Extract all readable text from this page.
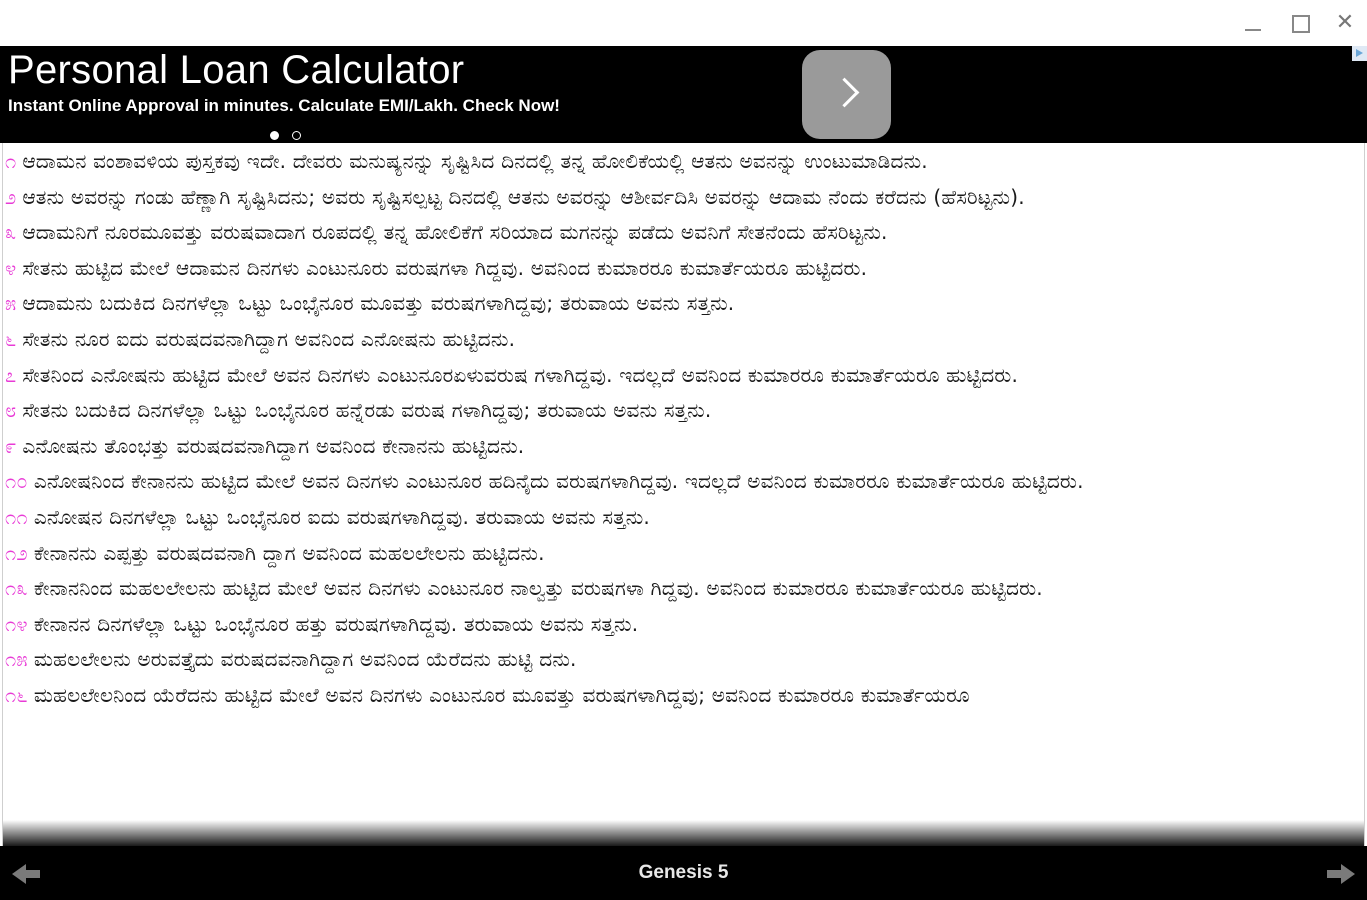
✕
Personal Loan Calculator
Instant Online Approval in minutes. Calculate EMI/Lakh. Check Now!

೧ ಆದಾಮನ ವಂಶಾವಳಿಯ ಪುಸ್ತಕವು ಇದೇ. ದೇವರು ಮನುಷ್ಯನನ್ನು ಸೃಷ್ಟಿಸಿದ ದಿನದಲ್ಲಿ ತನ್ನ ಹೋಲಿಕೆಯಲ್ಲಿ ಆತನು ಅವನನ್ನು ಉಂಟುಮಾಡಿದನು.
೨ ಆತನು ಅವರನ್ನು ಗಂಡು ಹೆಣ್ಣಾಗಿ ಸೃಷ್ಟಿಸಿದನು; ಅವರು ಸೃಷ್ಟಿಸಲ್ಪಟ್ಟ ದಿನದಲ್ಲಿ ಆತನು ಅವರನ್ನು ಆಶೀರ್ವದಿಸಿ ಅವರನ್ನು ಆದಾಮ ನೆಂದು ಕರೆದನು (ಹೆಸರಿಟ್ಟನು).
೩ ಆದಾಮನಿಗೆ ನೂರಮೂವತ್ತು ವರುಷವಾದಾಗ ರೂಪದಲ್ಲಿ ತನ್ನ ಹೋಲಿಕೆಗೆ ಸರಿಯಾದ ಮಗನನ್ನು ಪಡೆದು ಅವನಿಗೆ ಸೇತನೆಂದು ಹೆಸರಿಟ್ಟನು.
೪ ಸೇತನು ಹುಟ್ಟಿದ ಮೇಲೆ ಆದಾಮನ ದಿನಗಳು ಎಂಟುನೂರು ವರುಷಗಳಾ ಗಿದ್ದವು. ಅವನಿಂದ ಕುಮಾರರೂ ಕುಮಾರ್ತೆಯರೂ ಹುಟ್ಟಿದರು.
೫ ಆದಾಮನು ಬದುಕಿದ ದಿನಗಳೆಲ್ಲಾ ಒಟ್ಟು ಒಂಭೈನೂರ ಮೂವತ್ತು ವರುಷಗಳಾಗಿದ್ದವು; ತರುವಾಯ ಅವನು ಸತ್ತನು.
೬ ಸೇತನು ನೂರ ಐದು ವರುಷದವನಾಗಿದ್ದಾಗ ಅವನಿಂದ ಎನೋಷನು ಹುಟ್ಟಿದನು.
೭ ಸೇತನಿಂದ ಎನೋಷನು ಹುಟ್ಟಿದ ಮೇಲೆ ಅವನ ದಿನಗಳು ಎಂಟುನೂರಏಳುವರುಷ ಗಳಾಗಿದ್ದವು. ಇದಲ್ಲದೆ ಅವನಿಂದ ಕುಮಾರರೂ ಕುಮಾರ್ತೆಯರೂ ಹುಟ್ಟಿದರು.
೮ ಸೇತನು ಬದುಕಿದ ದಿನಗಳೆಲ್ಲಾ ಒಟ್ಟು ಒಂಭೈನೂರ ಹನ್ನೆರಡು ವರುಷ ಗಳಾಗಿದ್ದವು; ತರುವಾಯ ಅವನು ಸತ್ತನು.
೯ ಎನೋಷನು ತೊಂಭತ್ತು ವರುಷದವನಾಗಿದ್ದಾಗ ಅವನಿಂದ ಕೇನಾನನು ಹುಟ್ಟಿದನು.
೧೦ ಎನೋಷನಿಂದ ಕೇನಾನನು ಹುಟ್ಟಿದ ಮೇಲೆ ಅವನ ದಿನಗಳು ಎಂಟುನೂರ ಹದಿನೈದು ವರುಷಗಳಾಗಿದ್ದವು. ಇದಲ್ಲದೆ ಅವನಿಂದ ಕುಮಾರರೂ ಕುಮಾರ್ತೆಯರೂ ಹುಟ್ಟಿದರು.
೧೧ ಎನೋಷನ ದಿನಗಳೆಲ್ಲಾ ಒಟ್ಟು ಒಂಭೈನೂರ ಐದು ವರುಷಗಳಾಗಿದ್ದವು. ತರುವಾಯ ಅವನು ಸತ್ತನು.
೧೨ ಕೇನಾನನು ಎಪ್ಪತ್ತು ವರುಷದವನಾಗಿ ದ್ದಾಗ ಅವನಿಂದ ಮಹಲಲೇಲನು ಹುಟ್ಟಿದನು.
೧೩ ಕೇನಾನನಿಂದ ಮಹಲಲೇಲನು ಹುಟ್ಟಿದ ಮೇಲೆ ಅವನ ದಿನಗಳು ಎಂಟುನೂರ ನಾಲ್ವತ್ತು ವರುಷಗಳಾ ಗಿದ್ದವು. ಅವನಿಂದ ಕುಮಾರರೂ ಕುಮಾರ್ತೆಯರೂ ಹುಟ್ಟಿದರು.
೧೪ ಕೇನಾನನ ದಿನಗಳೆಲ್ಲಾ ಒಟ್ಟು ಒಂಭೈನೂರ ಹತ್ತು ವರುಷಗಳಾಗಿದ್ದವು. ತರುವಾಯ ಅವನು ಸತ್ತನು.
೧೫ ಮಹಲಲೇಲನು ಅರುವತ್ತೈದು ವರುಷದವನಾಗಿದ್ದಾಗ ಅವನಿಂದ ಯೆರೆದನು ಹುಟ್ಟಿ ದನು.
೧೬ ಮಹಲಲೇಲನಿಂದ ಯೆರೆದನು ಹುಟ್ಟಿದ ಮೇಲೆ ಅವನ ದಿನಗಳು ಎಂಟುನೂರ ಮೂವತ್ತು ವರುಷಗಳಾಗಿದ್ದವು; ಅವನಿಂದ ಕುಮಾರರೂ ಕುಮಾರ್ತೆಯರೂ
Genesis 5
